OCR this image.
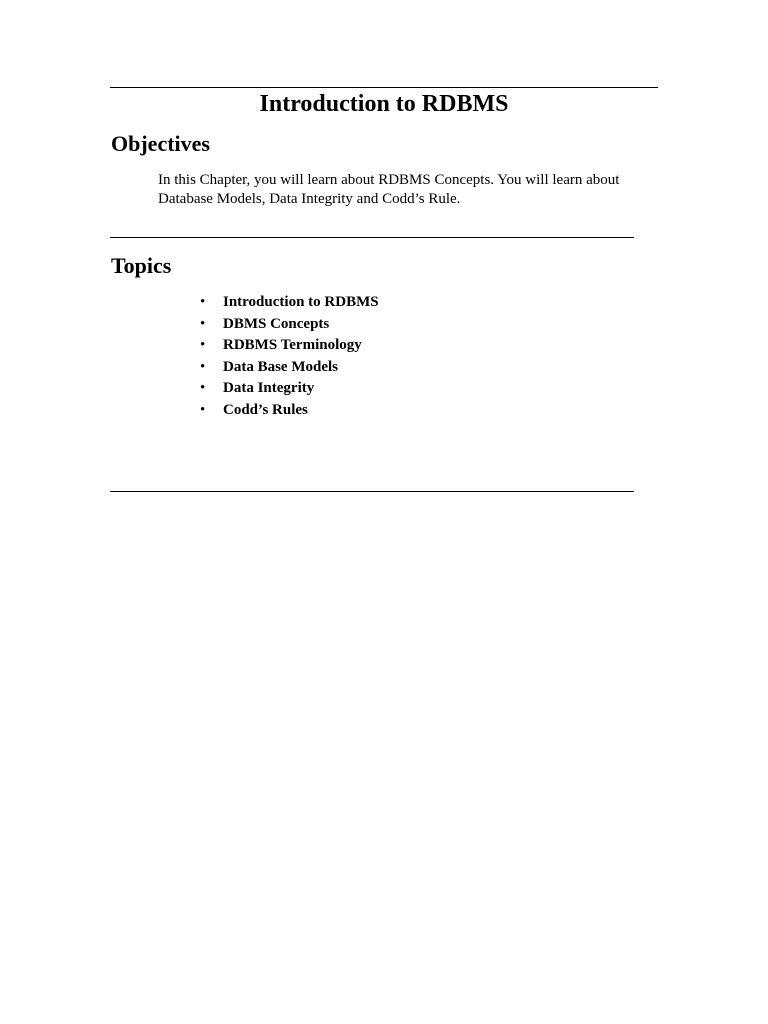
Introduction to RDBMS
Objectives

In this Chapter, you will learn about RDBMS Concepts. You will learn about
Database Models, Data Integrity and Codd’s Rule.

Topics
• Introduction to RDBMS
• DBMS Concepts
• RDBMS Terminology
• Data Base Models
• Data Integrity
• Codd’s Rules
